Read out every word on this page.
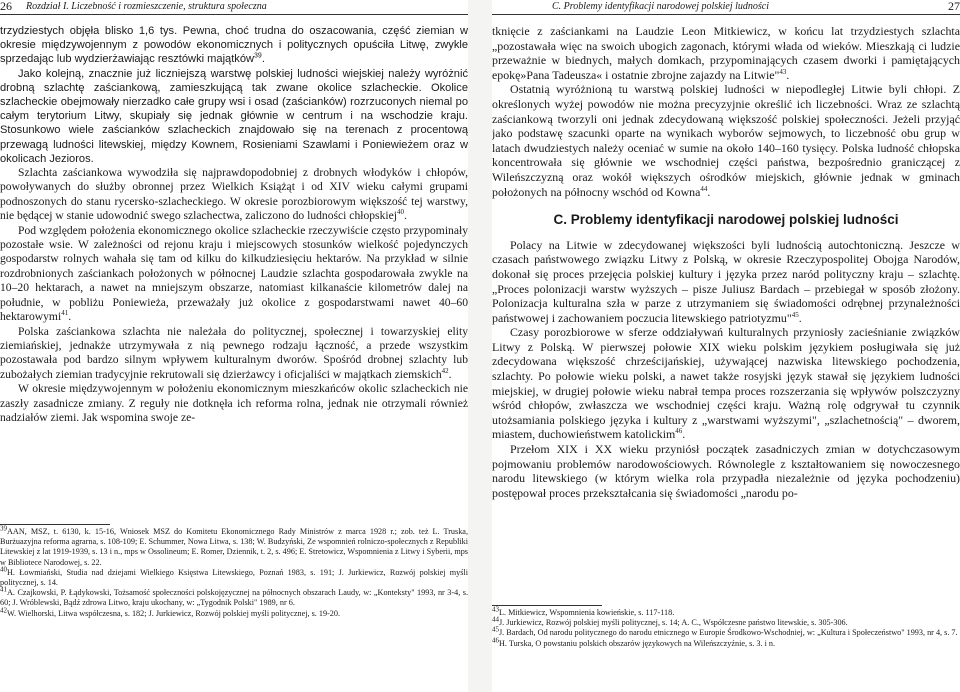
26 Rozdział I. Liczebność i rozmieszczenie, struktura społeczna

trzydziestych objęła blisko 1,6 tys. Pewna, choć trudna do oszacowania, część ziemian w okresie międzywojennym z powodów ekonomicznych i politycznych opuściła Litwę, zwykle sprzedając lub wydzierżawiając resztówki majątków$^{39}$.

Jako kolejną, znacznie już liczniejszą warstwę polskiej ludności wiejskiej należy wyróżnić drobną szlachtę zaściankową, zamieszkującą tak zwane okolice szlacheckie. Okolice szlacheckie obejmowały nierzadko całe grupy wsi i osad (zaścianków) rozrzuconych niemal po całym terytorium Litwy, skupiały się jednak głównie w centrum i na wschodzie kraju. Stosunkowo wiele zaścianków szlacheckich znajdowało się na terenach z procentową przewagą ludności litewskiej, między Kownem, Rosieniami Szawlami i Poniewieżem oraz w okolicach Jezioros.

Szlachta zaściankowa wywodziła się najprawdopodobniej z drobnych włodyków i chłopów, powoływanych do służby obronnej przez Wielkich Książąt i od XIV wieku całymi grupami podnoszonych do stanu rycersko-szlacheckiego. W okresie porozbiorowym większość tej warstwy, nie będącej w stanie udowodnić swego szlachectwa, zaliczono do ludności chłopskiej$^{40}$.

Pod względem położenia ekonomicznego okolice szlacheckie rzeczywiście często przypominały pozostałe wsie. W zależności od rejonu kraju i miejscowych stosunków wielkość pojedynczych gospodarstw rolnych wahała się tam od kilku do kilkudziesięciu hektarów. Na przykład w silnie rozdrobnionych zaściankach położonych w północnej Laudzie szlachta gospodarowała zwykle na 10–20 hektarach, a nawet na mniejszym obszarze, natomiast kilkanaście kilometrów dalej na południe, w pobliżu Poniewieża, przeważały już okolice z gospodarstwami nawet 40–60 hektarowymi$^{41}$.

Polska zaściankowa szlachta nie należała do politycznej, społecznej i towarzyskiej elity ziemiańskiej, jednakże utrzymywała z nią pewnego rodzaju łączność, a przede wszystkim pozostawała pod bardzo silnym wpływem kulturalnym dworów. Spośród drobnej szlachty lub zubożałych ziemian tradycyjnie rekrutowali się dzierżawcy i oficjaliści w majątkach ziemskich$^{42}$.

W okresie międzywojennym w położeniu ekonomicznym mieszkańców okolic szlacheckich nie zaszły zasadnicze zmiany. Z reguły nie dotknęła ich reforma rolna, jednak nie otrzymali również nadziałów ziemi. Jak wspomina swoje ze-

$^{39}$AAN, MSZ, t. 6130, k. 15-16, Wniosek MSZ do Komitetu Ekonomicznego Rady Ministrów z marca 1928 r.; zob. też L. Truska, Burżuazyjna reforma agrarna, s. 108-109; E. Schummer, Nowa Litwa, s. 138; W. Budzyński, Ze wspomnień rolniczo-społecznych z Republiki Litewskiej z lat 1919-1939, s. 13 i n., mps w Ossolineum; E. Romer, Dziennik, t. 2, s. 496; E. Stretowicz, Wspomnienia z Litwy i Syberii, mps w Bibliotece Narodowej, s. 22.

$^{40}$H. Łowmiański, Studia nad dziejami Wielkiego Księstwa Litewskiego, Poznań 1983, s. 191; J. Jurkiewicz, Rozwój polskiej myśli politycznej, s. 14.

$^{41}$A. Czajkowski, P. Łądykowski, Tożsamość społeczności polskojęzycznej na północnych obszarach Laudy, w: „Konteksty" 1993, nr 3-4, s. 60; J. Wróblewski, Bądź zdrowa Litwo, kraju ukochany, w: „Tygodnik Polski" 1989, nr 6.

$^{42}$W. Wielhorski, Litwa współczesna, s. 182; J. Jurkiewicz, Rozwój polskiej myśli politycznej, s. 19-20.

C. Problemy identyfikacji narodowej polskiej ludności	27

tknięcie z zaściankami na Laudzie Leon Mitkiewicz, w końcu lat trzydziestych szlachta „pozostawała więc na swoich ubogich zagonach, którymi włada od wieków. Mieszkają ci ludzie przeważnie w biednych, małych domkach, przypominających czasem dworki i pamiętających epokę»Pana Tadeusza« i ostatnie zbrojne zajazdy na Litwie"$^{43}$.

Ostatnią wyróżnioną tu warstwą polskiej ludności w niepodległej Litwie byli chłopi. Z określonych wyżej powodów nie można precyzyjnie określić ich liczebności. Wraz ze szlachtą zaściankową tworzyli oni jednak zdecydowaną większość polskiej społeczności. Jeżeli przyjąć jako podstawę szacunki oparte na wynikach wyborów sejmowych, to liczebność obu grup w latach dwudziestych należy oceniać w sumie na około 140–160 tysięcy. Polska ludność chłopska koncentrowała się głównie we wschodniej części państwa, bezpośrednio graniczącej z Wileńszczyzną oraz wokół większych ośrodków miejskich, głównie jednak w gminach położonych na północny wschód od Kowna$^{44}$.

C. Problemy identyfikacji narodowej polskiej ludności

Polacy na Litwie w zdecydowanej większości byli ludnością autochtoniczną. Jeszcze w czasach państwowego związku Litwy z Polską, w okresie Rzeczypospolitej Obojga Narodów, dokonał się proces przejęcia polskiej kultury i języka przez naród polityczny kraju – szlachtę. „Proces polonizacji warstw wyższych – pisze Juliusz Bardach – przebiegał w sposób złożony. Polonizacja kulturalna szła w parze z utrzymaniem się świadomości odrębnej przynależności państwowej i zachowaniem poczucia litewskiego patriotyzmu"$^{45}$.

Czasy porozbiorowe w sferze oddziaływań kulturalnych przyniosły zacieśnianie związków Litwy z Polską. W pierwszej połowie XIX wieku polskim językiem posługiwała się już zdecydowana większość chrześcijańskiej, używającej nazwiska litewskiego pochodzenia, szlachty. Po połowie wieku polski, a nawet także rosyjski język stawał się językiem ludności miejskiej, w drugiej połowie wieku nabrał tempa proces rozszerzania się wpływów polszczyzny wśród chłopów, zwłaszcza we wschodniej części kraju. Ważną rolę odgrywał tu czynnik utożsamiania polskiego języka i kultury z „warstwami wyższymi", „szlachetnością" – dworem, miastem, duchowieństwem katolickim$^{46}$.

Przełom XIX i XX wieku przyniósł początek zasadniczych zmian w dotychczasowym pojmowaniu problemów narodowościowych. Równolegle z kształtowaniem się nowoczesnego narodu litewskiego (w którym wielka rola przypadła niezależnie od języka pochodzeniu) postępował proces przekształcania się świadomości „narodu po-

$^{43}$L. Mitkiewicz, Wspomnienia kowieńskie, s. 117-118.

$^{44}$J. Jurkiewicz, Rozwój polskiej myśli politycznej, s. 14; A. C., Współczesne państwo litewskie, s. 305-306.

$^{45}$J. Bardach, Od narodu politycznego do narodu etnicznego w Europie Środkowo-Wschodniej, w: „Kultura i Społeczeństwo" 1993, nr 4, s. 7.

$^{46}$H. Turska, O powstaniu polskich obszarów językowych na Wileńszczyźnie, s. 3. i n.
